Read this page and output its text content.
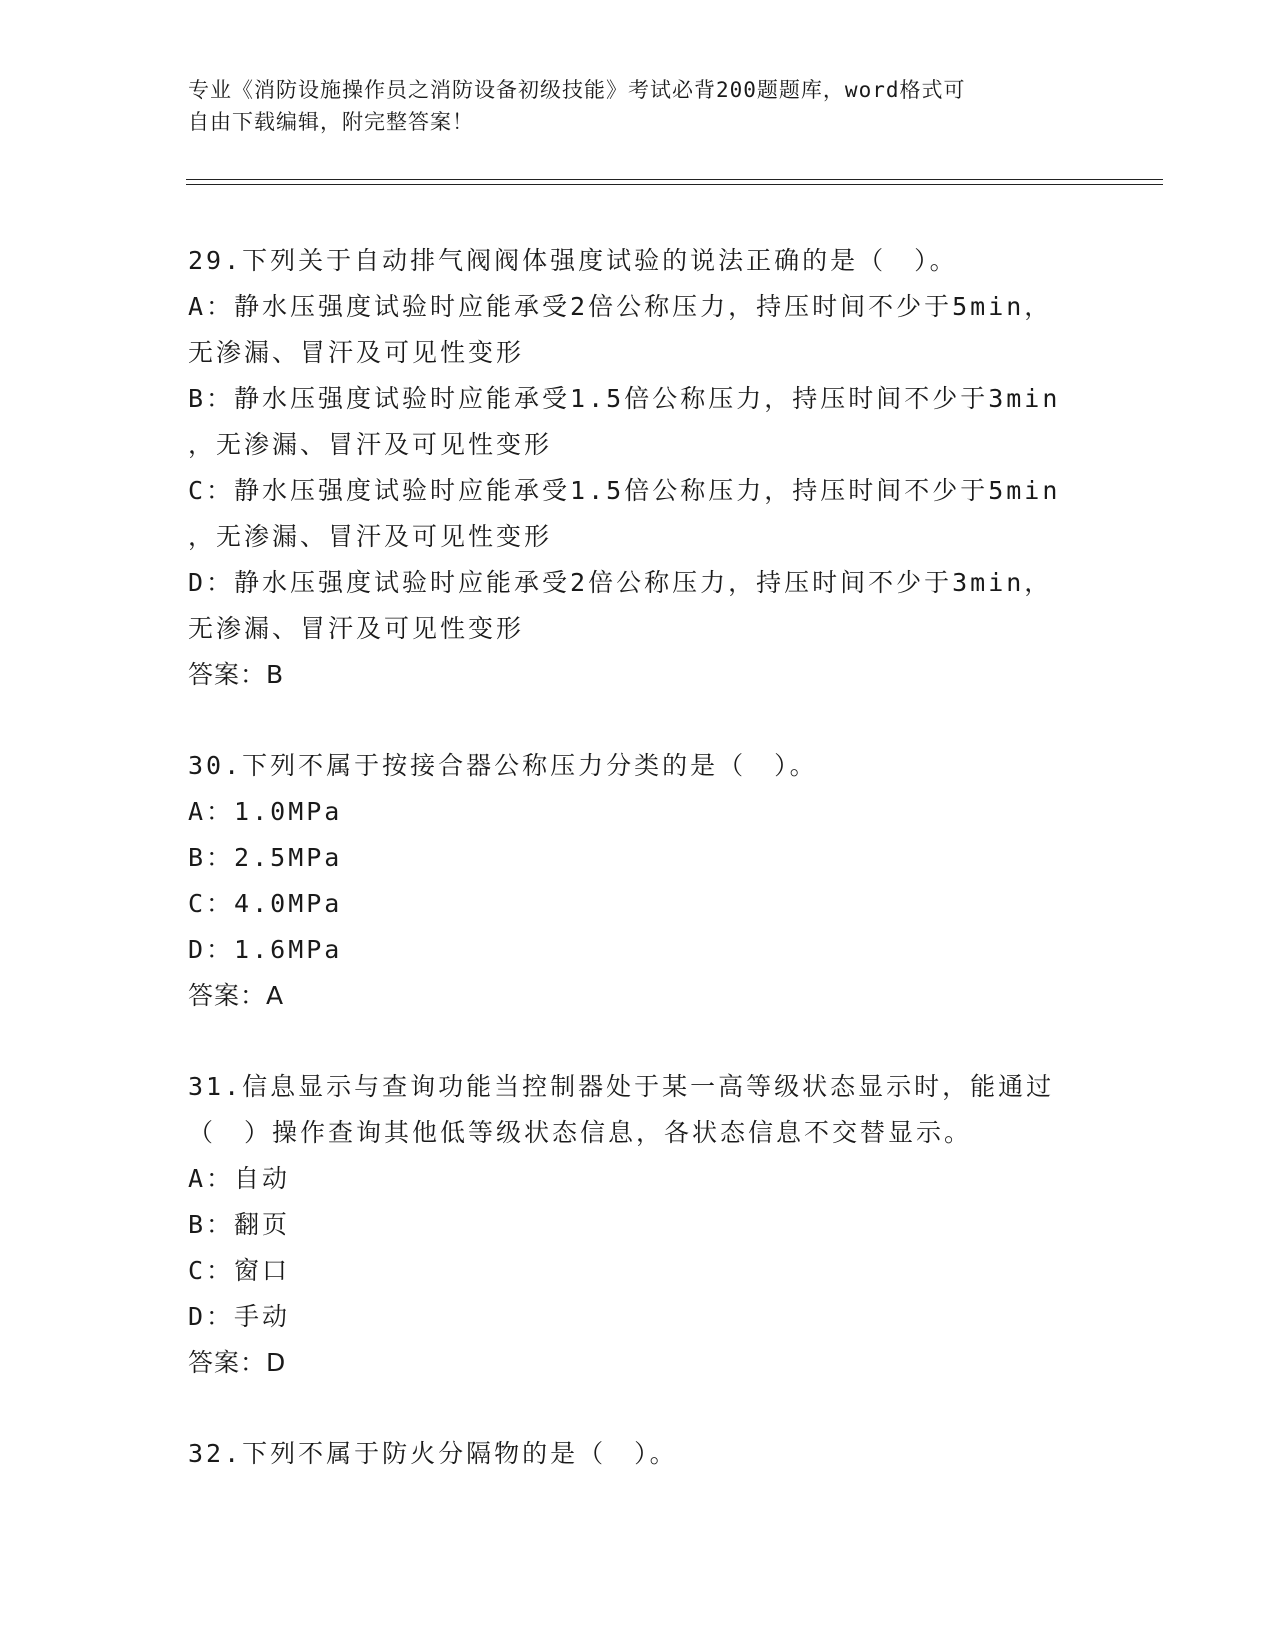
专业《消防设施操作员之消防设备初级技能》考试必背200题题库，word格式可
自由下载编辑，附完整答案！
29.下列关于自动排气阀阀体强度试验的说法正确的是（　）。
A：静水压强度试验时应能承受2倍公称压力，持压时间不少于5min，
无渗漏、冒汗及可见性变形
B：静水压强度试验时应能承受1.5倍公称压力，持压时间不少于3min
，无渗漏、冒汗及可见性变形
C：静水压强度试验时应能承受1.5倍公称压力，持压时间不少于5min
，无渗漏、冒汗及可见性变形
D：静水压强度试验时应能承受2倍公称压力，持压时间不少于3min，
无渗漏、冒汗及可见性变形
答案：B
30.下列不属于按接合器公称压力分类的是（　）。
A：1.0MPa
B：2.5MPa
C：4.0MPa
D：1.6MPa
答案：A
31.信息显示与查询功能当控制器处于某一高等级状态显示时，能通过
（　）操作查询其他低等级状态信息，各状态信息不交替显示。
A：自动
B：翻页
C：窗口
D：手动
答案：D
32.下列不属于防火分隔物的是（　）。
